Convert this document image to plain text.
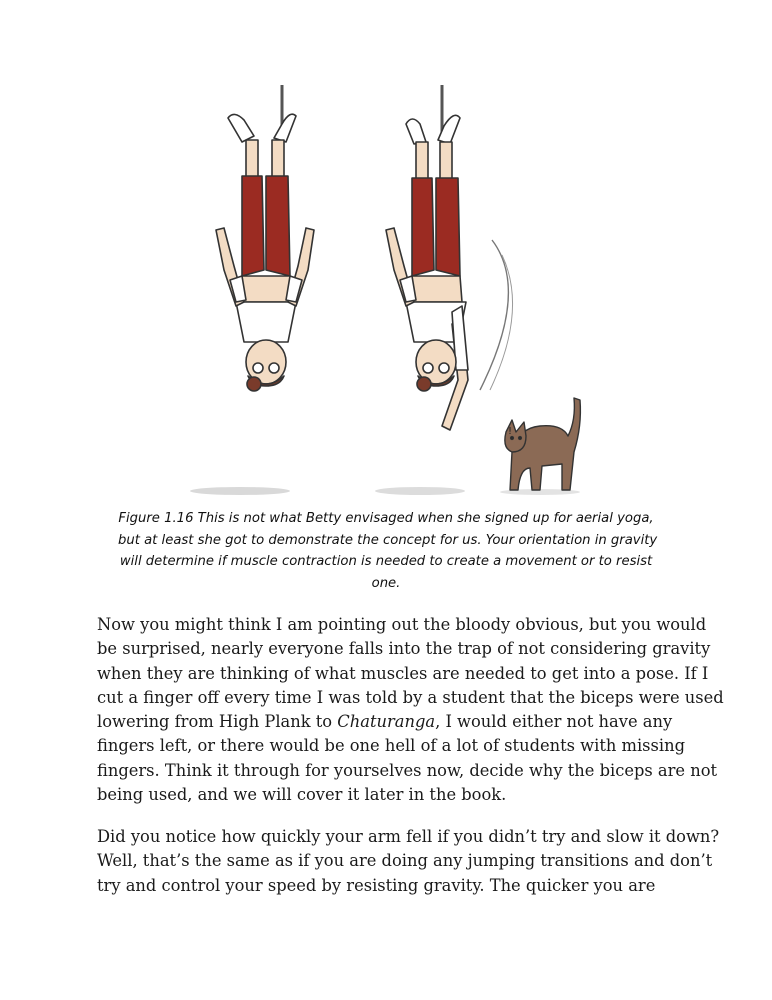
!
Figure 1.16 This is not what Betty envisaged when she signed up for aerial yoga,
but at least she got to demonstrate the concept for us. Your orientation in gravity
will determine if muscle contraction is needed to create a movement or to resist
one.
Now you might think I am pointing out the bloody obvious, but you would
be surprised, nearly everyone falls into the trap of not considering gravity
when they are thinking of what muscles are needed to get into a pose. If I
cut a finger off every time I was told by a student that the biceps were used
lowering from High Plank to Chaturanga, I would either not have any
fingers left, or there would be one hell of a lot of students with missing
fingers. Think it through for yourselves now, decide why the biceps are not
being used, and we will cover it later in the book.
Did you notice how quickly your arm fell if you didn’t try and slow it down?
Well, that’s the same as if you are doing any jumping transitions and don’t
try and control your speed by resisting gravity. The quicker you are
